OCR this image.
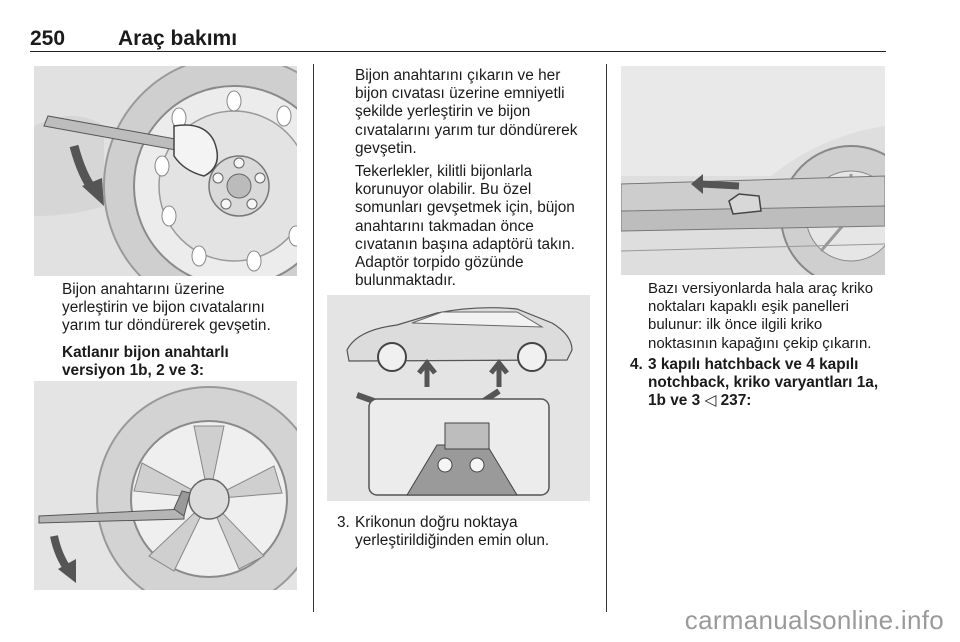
250	Araç bakımı

Bijon anahtarını üzerine

yerleştirin ve bijon cıvatalarını

yarım tur döndürerek gevşetin.

Katlanır bijon anahtarlı
versiyon 1b, 2 ve 3:

Bijon anahtarını çıkarın ve her

bijon cıvatası üzerine emniyetli

şekilde yerleştirin ve bijon

cıvatalarını yarım tur döndürerek

gevşetin.

Tekerlekler, kilitli bijonlarla

korunuyor olabilir. Bu özel

somunları gevşetmek için, büjon

anahtarını takmadan önce

cıvatanın başına adaptörü takın.

Adaptör torpido gözünde

bulunmaktadır.

3. Krikonun doğru noktaya

yerleştirildiğinden emin olun.

Bazı versiyonlarda hala araç kriko

noktaları kapaklı eşik panelleri

bulunur: ilk önce ilgili kriko

noktasının kapağını çekip çıkarın.

4. 3 kapılı hatchback ve 4 kapılı

notchback, kriko varyantları 1a,

1b ve 3 ◁ 237:

carmanualsonline.info
